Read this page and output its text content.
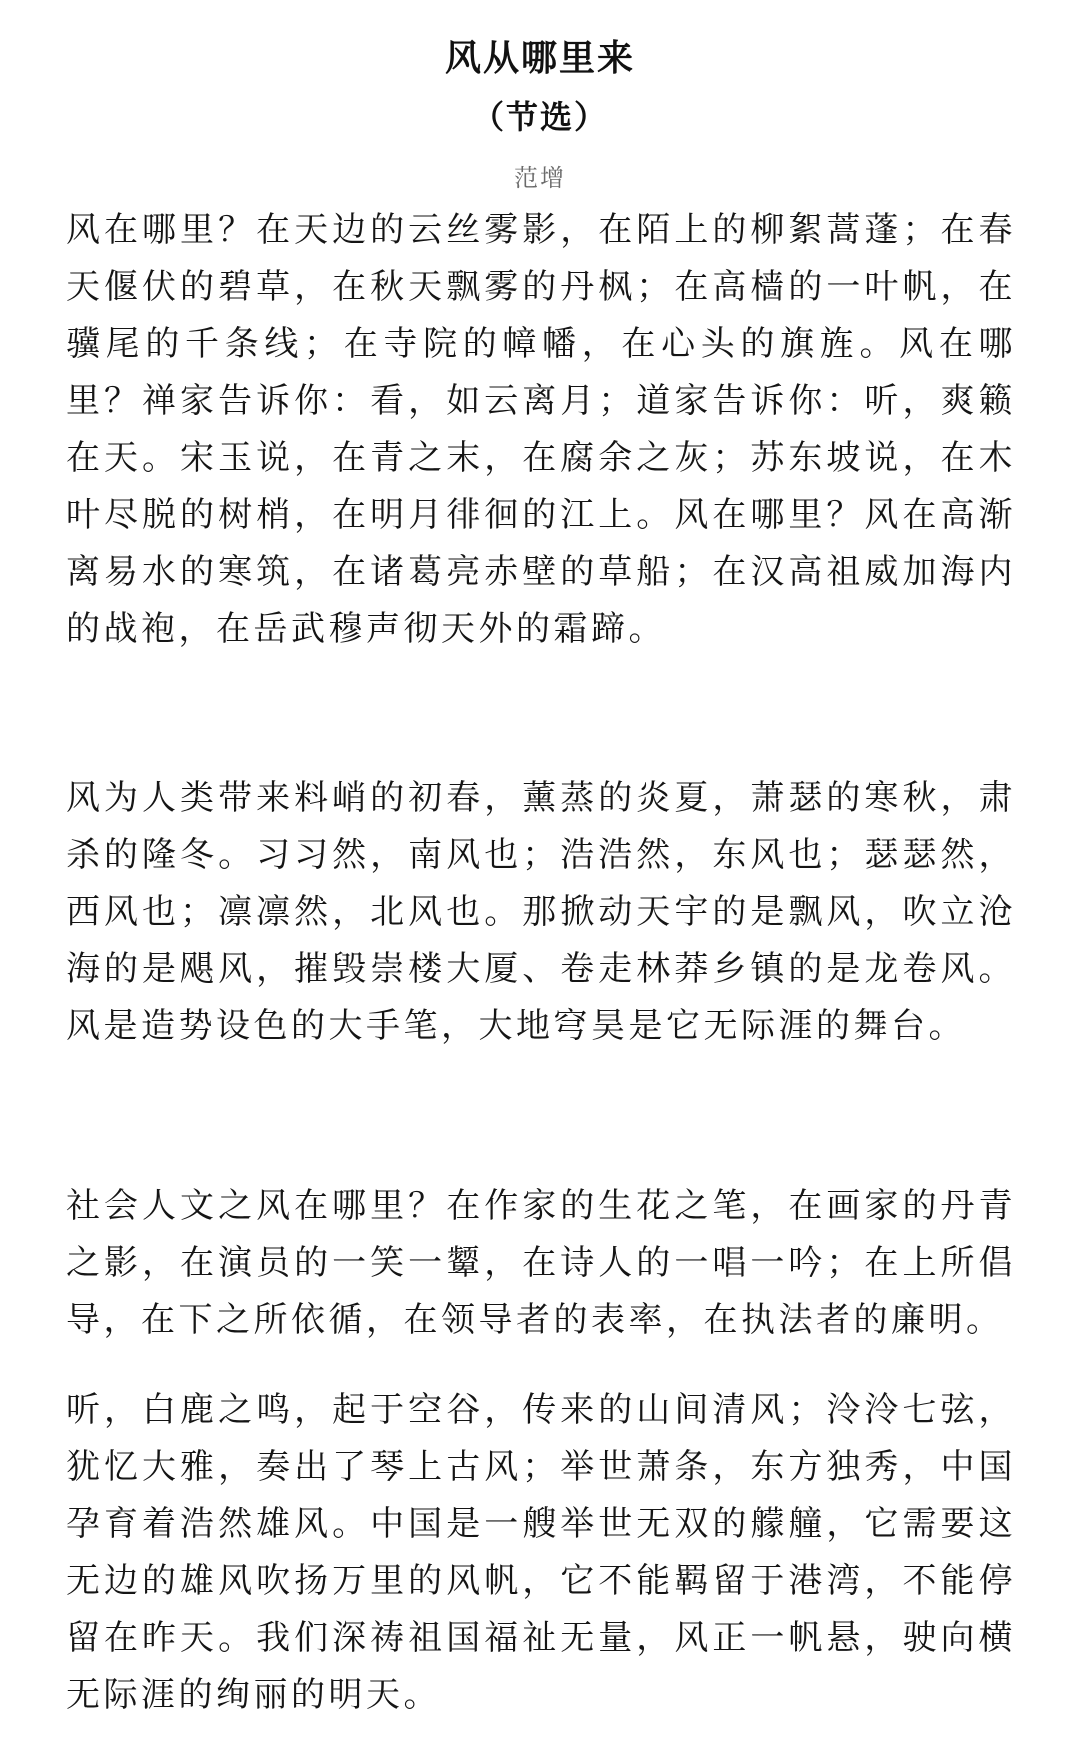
风从哪里来
（节选）
范增

风在哪里？在天边的云丝雾影，在陌上的柳絮蒿蓬；在春天偃伏的碧草，在秋天飘雾的丹枫；在高樯的一叶帆，在骥尾的千条线；在寺院的幛幡，在心头的旗旌。风在哪里？禅家告诉你：看，如云离月；道家告诉你：听，爽籁在天。宋玉说，在青之末，在腐余之灰；苏东坡说，在木叶尽脱的树梢，在明月徘徊的江上。风在哪里？风在高渐离易水的寒筑，在诸葛亮赤壁的草船；在汉高祖威加海内的战袍，在岳武穆声彻天外的霜蹄。

风为人类带来料峭的初春，薰蒸的炎夏，萧瑟的寒秋，肃杀的隆冬。习习然，南风也；浩浩然，东风也；瑟瑟然，西风也；凛凛然，北风也。那掀动天宇的是飘风，吹立沧海的是飓风，摧毁崇楼大厦、卷走林莽乡镇的是龙卷风。风是造势设色的大手笔，大地穹昊是它无际涯的舞台。

社会人文之风在哪里？在作家的生花之笔，在画家的丹青之影，在演员的一笑一颦，在诗人的一唱一吟；在上所倡导，在下之所依循，在领导者的表率，在执法者的廉明。

听，白鹿之鸣，起于空谷，传来的山间清风；泠泠七弦，犹忆大雅，奏出了琴上古风；举世萧条，东方独秀，中国孕育着浩然雄风。中国是一艘举世无双的艨艟，它需要这无边的雄风吹扬万里的风帆，它不能羁留于港湾，不能停留在昨天。我们深祷祖国福祉无量，风正一帆悬，驶向横无际涯的绚丽的明天。
